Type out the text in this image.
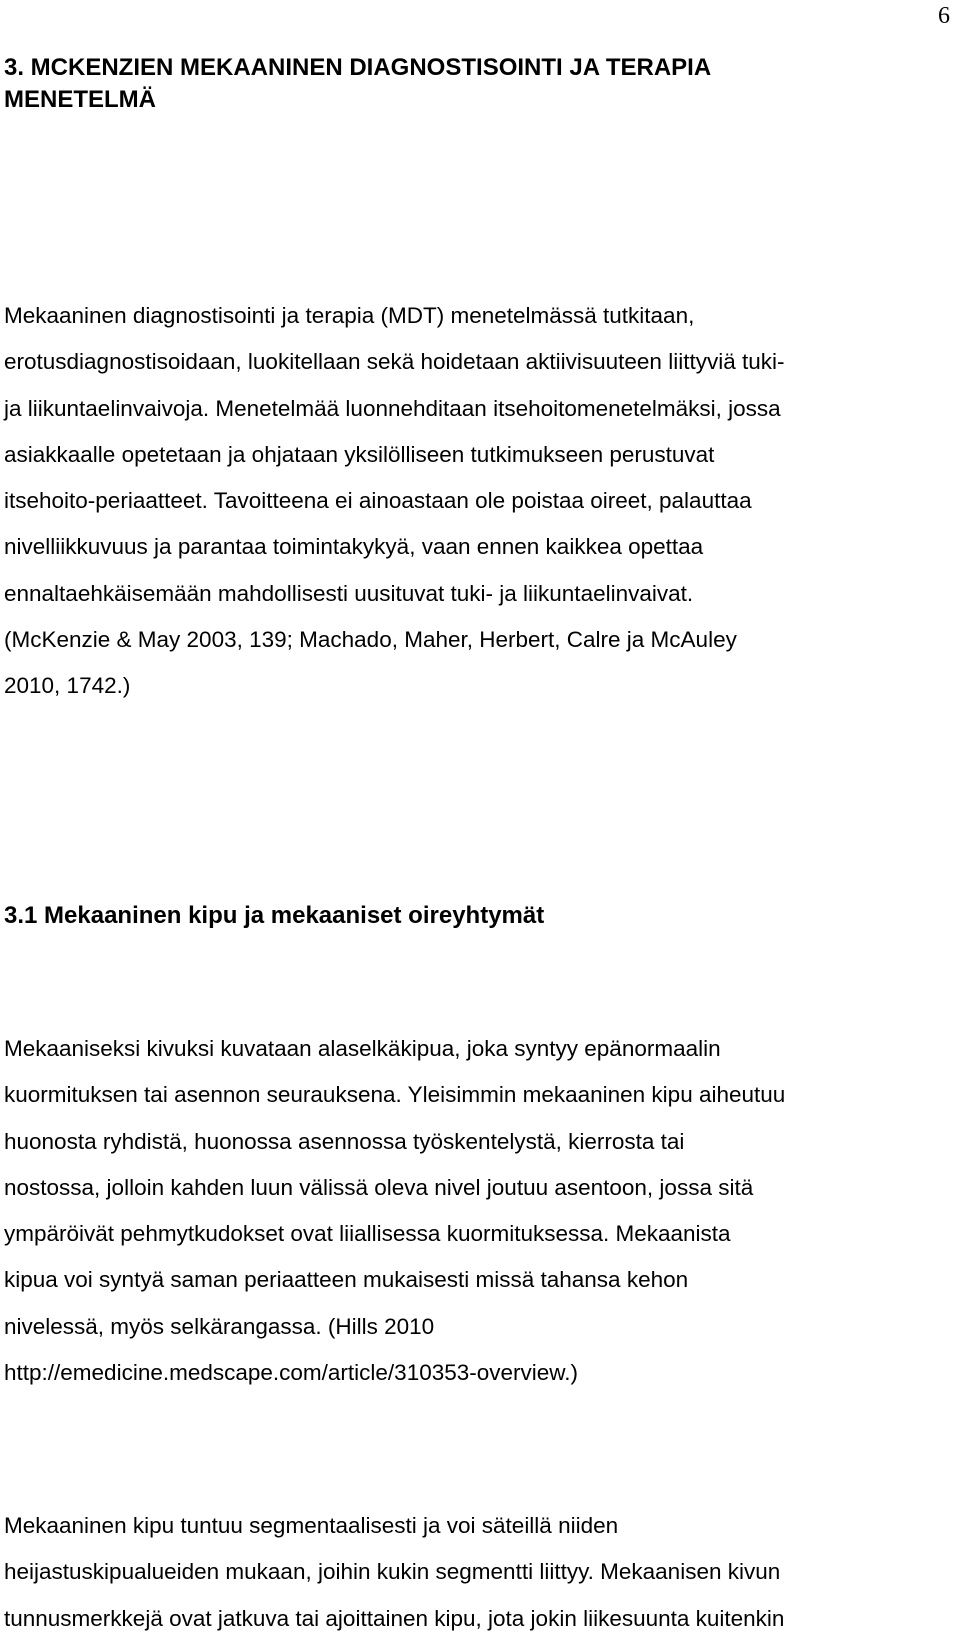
6
3. MCKENZIEN MEKAANINEN DIAGNOSTISOINTI JA TERAPIA
MENETELMÄ

Mekaaninen diagnostisointi ja terapia (MDT) menetelmässä tutkitaan,
erotusdiagnostisoidaan, luokitellaan sekä hoidetaan aktiivisuuteen liittyviä tuki-
ja liikuntaelinvaivoja. Menetelmää luonnehditaan itsehoitomenetelmäksi, jossa
asiakkaalle opetetaan ja ohjataan yksilölliseen tutkimukseen perustuvat
itsehoito-periaatteet. Tavoitteena ei ainoastaan ole poistaa oireet, palauttaa
nivelliikkuvuus ja parantaa toimintakykyä, vaan ennen kaikkea opettaa
ennaltaehkäisemään mahdollisesti uusituvat tuki- ja liikuntaelinvaivat.
(McKenzie & May 2003, 139; Machado, Maher, Herbert, Calre ja McAuley
2010, 1742.)

3.1 Mekaaninen kipu ja mekaaniset oireyhtymät

Mekaaniseksi kivuksi kuvataan alaselkäkipua, joka syntyy epänormaalin
kuormituksen tai asennon seurauksena. Yleisimmin mekaaninen kipu aiheutuu
huonosta ryhdistä, huonossa asennossa työskentelystä, kierrosta tai
nostossa, jolloin kahden luun välissä oleva nivel joutuu asentoon, jossa sitä
ympäröivät pehmytkudokset ovat liiallisessa kuormituksessa. Mekaanista
kipua voi syntyä saman periaatteen mukaisesti missä tahansa kehon
nivelessä, myös selkärangassa. (Hills 2010
http://emedicine.medscape.com/article/310353-overview.)

Mekaaninen kipu tuntuu segmentaalisesti ja voi säteillä niiden
heijastuskipualueiden mukaan, joihin kukin segmentti liittyy. Mekaanisen kivun
tunnusmerkkejä ovat jatkuva tai ajoittainen kipu, jota jokin liikesuunta kuitenkin
